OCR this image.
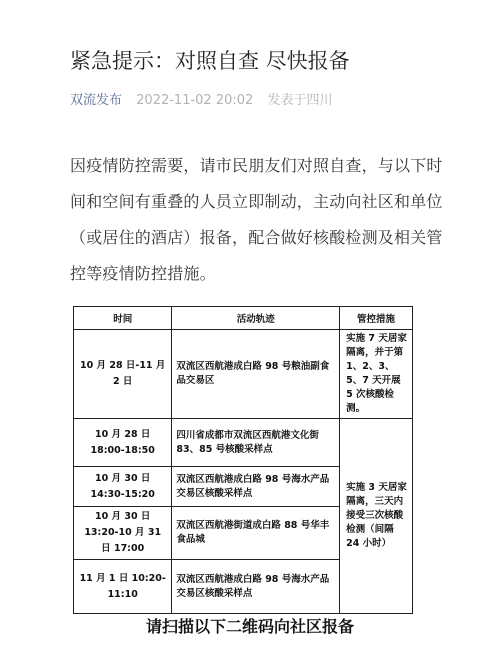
紧急提示：对照自查 尽快报备
双流发布 2022-11-02 20:02 发表于四川
因疫情防控需要，请市民朋友们对照自查，与以下时间和空间有重叠的人员立即制动，主动向社区和单位（或居住的酒店）报备，配合做好核酸检测及相关管控等疫情防控措施。
时间	活动轨迹	管控措施
10 月 28 日-11 月 2 日	双流区西航港成白路 98 号粮油副食品交易区	实施 7 天居家隔离，并于第 1、2、3、5、7 天开展 5 次核酸检测。
10 月 28 日 18:00-18:50	四川省成都市双流区西航港文化街 83、85 号核酸采样点	实施 3 天居家隔离，三天内接受三次核酸检测（间隔 24 小时）
10 月 30 日 14:30-15:20	双流区西航港成白路 98 号海水产品交易区核酸采样点	
10 月 30 日 13:20-10 月 31 日 17:00	双流区西航港街道成白路 88 号华丰食品城	
11 月 1 日 10:20-11:10	双流区西航港成白路 98 号海水产品交易区核酸采样点	
请扫描以下二维码向社区报备
